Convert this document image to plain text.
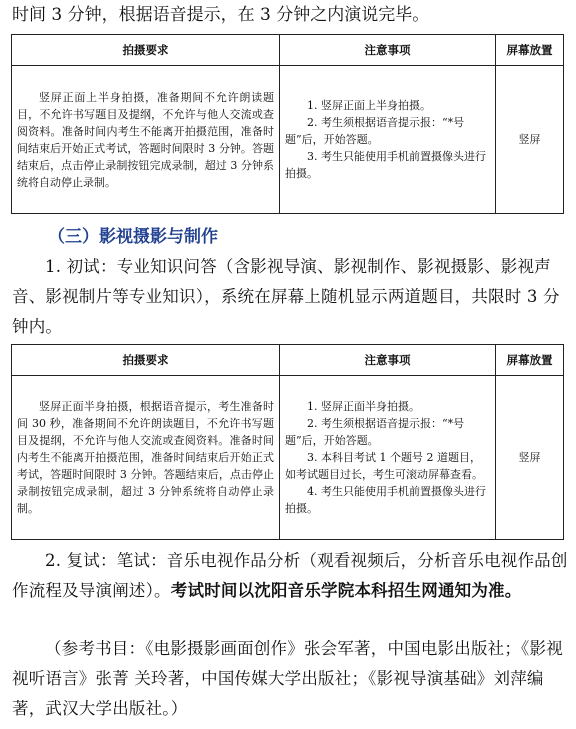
时间 3 分钟，根据语音提示，在 3 分钟之内演说完毕。
拍摄要求	注意事项	屏幕放置
竖屏正面上半身拍摄，准备期间不允许朗读题目，不允许书写题目及提纲，不允许与他人交流或查阅资料。准备时间内考生不能离开拍摄范围，准备时间结束后开始正式考试，答题时间限时 3 分钟。答题结束后，点击停止录制按钮完成录制，超过 3 分钟系统将自动停止录制。	1. 竖屏正面上半身拍摄。
2. 考生须根据语音提示报：“*号题”后，开始答题。
3. 考生只能使用手机前置摄像头进行拍摄。	竖屏
（三）影视摄影与制作
1. 初试：专业知识问答（含影视导演、影视制作、影视摄影、影视声音、影视制片等专业知识），系统在屏幕上随机显示两道题目，共限时 3 分钟内。
拍摄要求	注意事项	屏幕放置
竖屏正面半身拍摄，根据语音提示，考生准备时间 30 秒，准备期间不允许朗读题目，不允许书写题目及提纲，不允许与他人交流或查阅资料。准备时间内考生不能离开拍摄范围，准备时间结束后开始正式考试，答题时间限时 3 分钟。答题结束后，点击停止录制按钮完成录制，超过 3 分钟系统将自动停止录制。	1. 竖屏正面半身拍摄。
2. 考生须根据语音提示报：“*号题”后，开始答题。
3. 本科目考试 1 个题号 2 道题目，如考试题目过长，考生可滚动屏幕查看。
4. 考生只能使用手机前置摄像头进行拍摄。	竖屏
2. 复试：笔试：音乐电视作品分析（观看视频后，分析音乐电视作品创作流程及导演阐述）。考试时间以沈阳音乐学院本科招生网通知为准。
（参考书目：《电影摄影画面创作》张会军著，中国电影出版社；《影视视听语言》张菁 关玲著，中国传媒大学出版社；《影视导演基础》刘萍编著，武汉大学出版社。）
